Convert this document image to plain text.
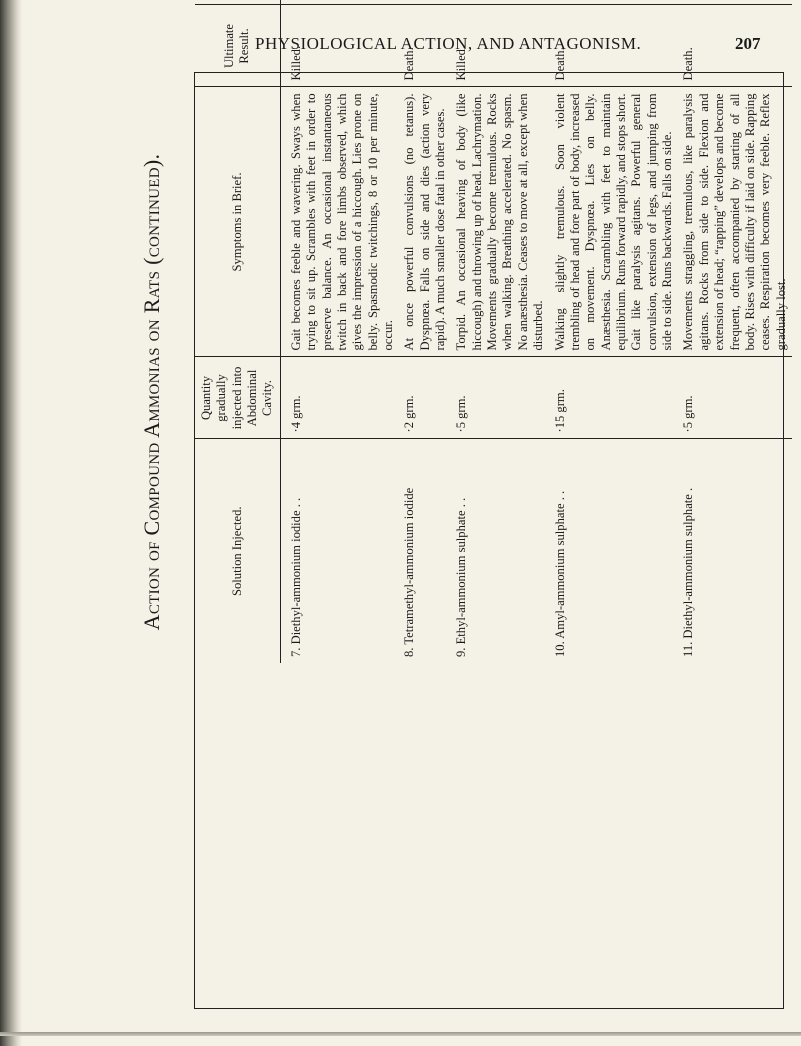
PHYSIOLOGICAL ACTION, AND ANTAGONISM.	207
Action of Compound Ammonias on Rats (continued).	Solution Injected.	Quantity gradually injected into Abdominal Cavity.	Symptoms in Brief.	Ultimate Result.	
7. Diethyl-ammonium iodide . .	·4 grm.	Gait becomes feeble and wavering. Sways when trying to sit up. Scrambles with feet in order to preserve balance. An occasional instantaneous twitch in back and fore limbs observed, which gives the impression of a hiccough. Lies prone on belly. Spasmodic twitchings, 8 or 10 per minute, occur.	Killed.	
8. Tetramethyl-ammonium iodide	·2 grm.	At once powerful convulsions (no tetanus). Dyspnœa. Falls on side and dies (action very rapid). A much smaller dose fatal in other cases.	Death.	
9. Ethyl-ammonium sulphate . .	·5 grm.	Torpid. An occasional heaving of body (like hiccough) and throwing up of head. Lachrymation. Movements gradually become tremulous. Rocks when walking. Breathing accelerated. No spasm. No anæsthesia. Ceases to move at all, except when disturbed.	Killed.	
10. Amyl-ammonium sulphate . .	·15 grm.	Walking slightly tremulous. Soon violent trembling of head and fore part of body, increased on movement. Dyspnœa. Lies on belly. Anæsthesia. Scrambling with feet to maintain equilibrium. Runs forward rapidly, and stops short. Gait like paralysis agitans. Powerful general convulsion, extension of legs, and jumping from side to side. Runs backwards. Falls on side.	Death.	
11. Diethyl-ammonium sulphate .	·5 grm.	Movements straggling, tremulous, like paralysis agitans. Rocks from side to side. Flexion and extension of head; “rapping” develops and become frequent, often accompanied by starting of all body. Rises with difficulty if laid on side. Rapping ceases. Respiration becomes very feeble. Reflex gradually lost.	Death.	
